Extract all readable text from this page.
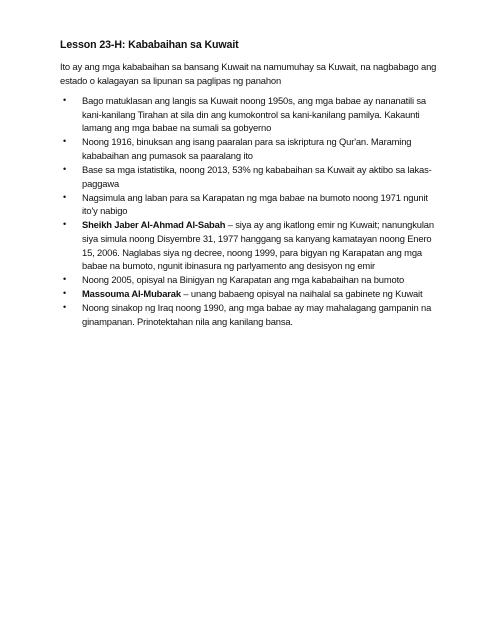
Lesson 23-H: Kababaihan sa Kuwait

Ito ay ang mga kababaihan sa bansang Kuwait na namumuhay sa Kuwait, na nagbabago ang estado o kalagayan sa lipunan sa paglipas ng panahon

• Bago matuklasan ang langis sa Kuwait noong 1950s, ang mga babae ay nananatili sa kani-kanilang Tirahan at sila din ang kumokontrol sa kani-kanilang pamilya. Kakaunti lamang ang mga babae na sumali sa gobyerno
• Noong 1916, binuksan ang isang paaralan para sa iskriptura ng Qur'an. Maraming kababaihan ang pumasok sa paaralang ito
• Base sa mga istatistika, noong 2013, 53% ng kababaihan sa Kuwait ay aktibo sa lakas-paggawa
• Nagsimula ang laban para sa Karapatan ng mga babae na bumoto noong 1971 ngunit ito'y nabigo
• Sheikh Jaber Al-Ahmad Al-Sabah – siya ay ang ikatlong emir ng Kuwait; nanungkulan siya simula noong Disyembre 31, 1977 hanggang sa kanyang kamatayan noong Enero 15, 2006. Naglabas siya ng decree, noong 1999, para bigyan ng Karapatan ang mga babae na bumoto, ngunit ibinasura ng parlyamento ang desisyon ng emir
• Noong 2005, opisyal na Binigyan ng Karapatan ang mga kababaihan na bumoto
• Massouma Al-Mubarak – unang babaeng opisyal na naihalal sa gabinete ng Kuwait
• Noong sinakop ng Iraq noong 1990, ang mga babae ay may mahalagang gampanin na ginampanan. Prinotektahan nila ang kanilang bansa.
